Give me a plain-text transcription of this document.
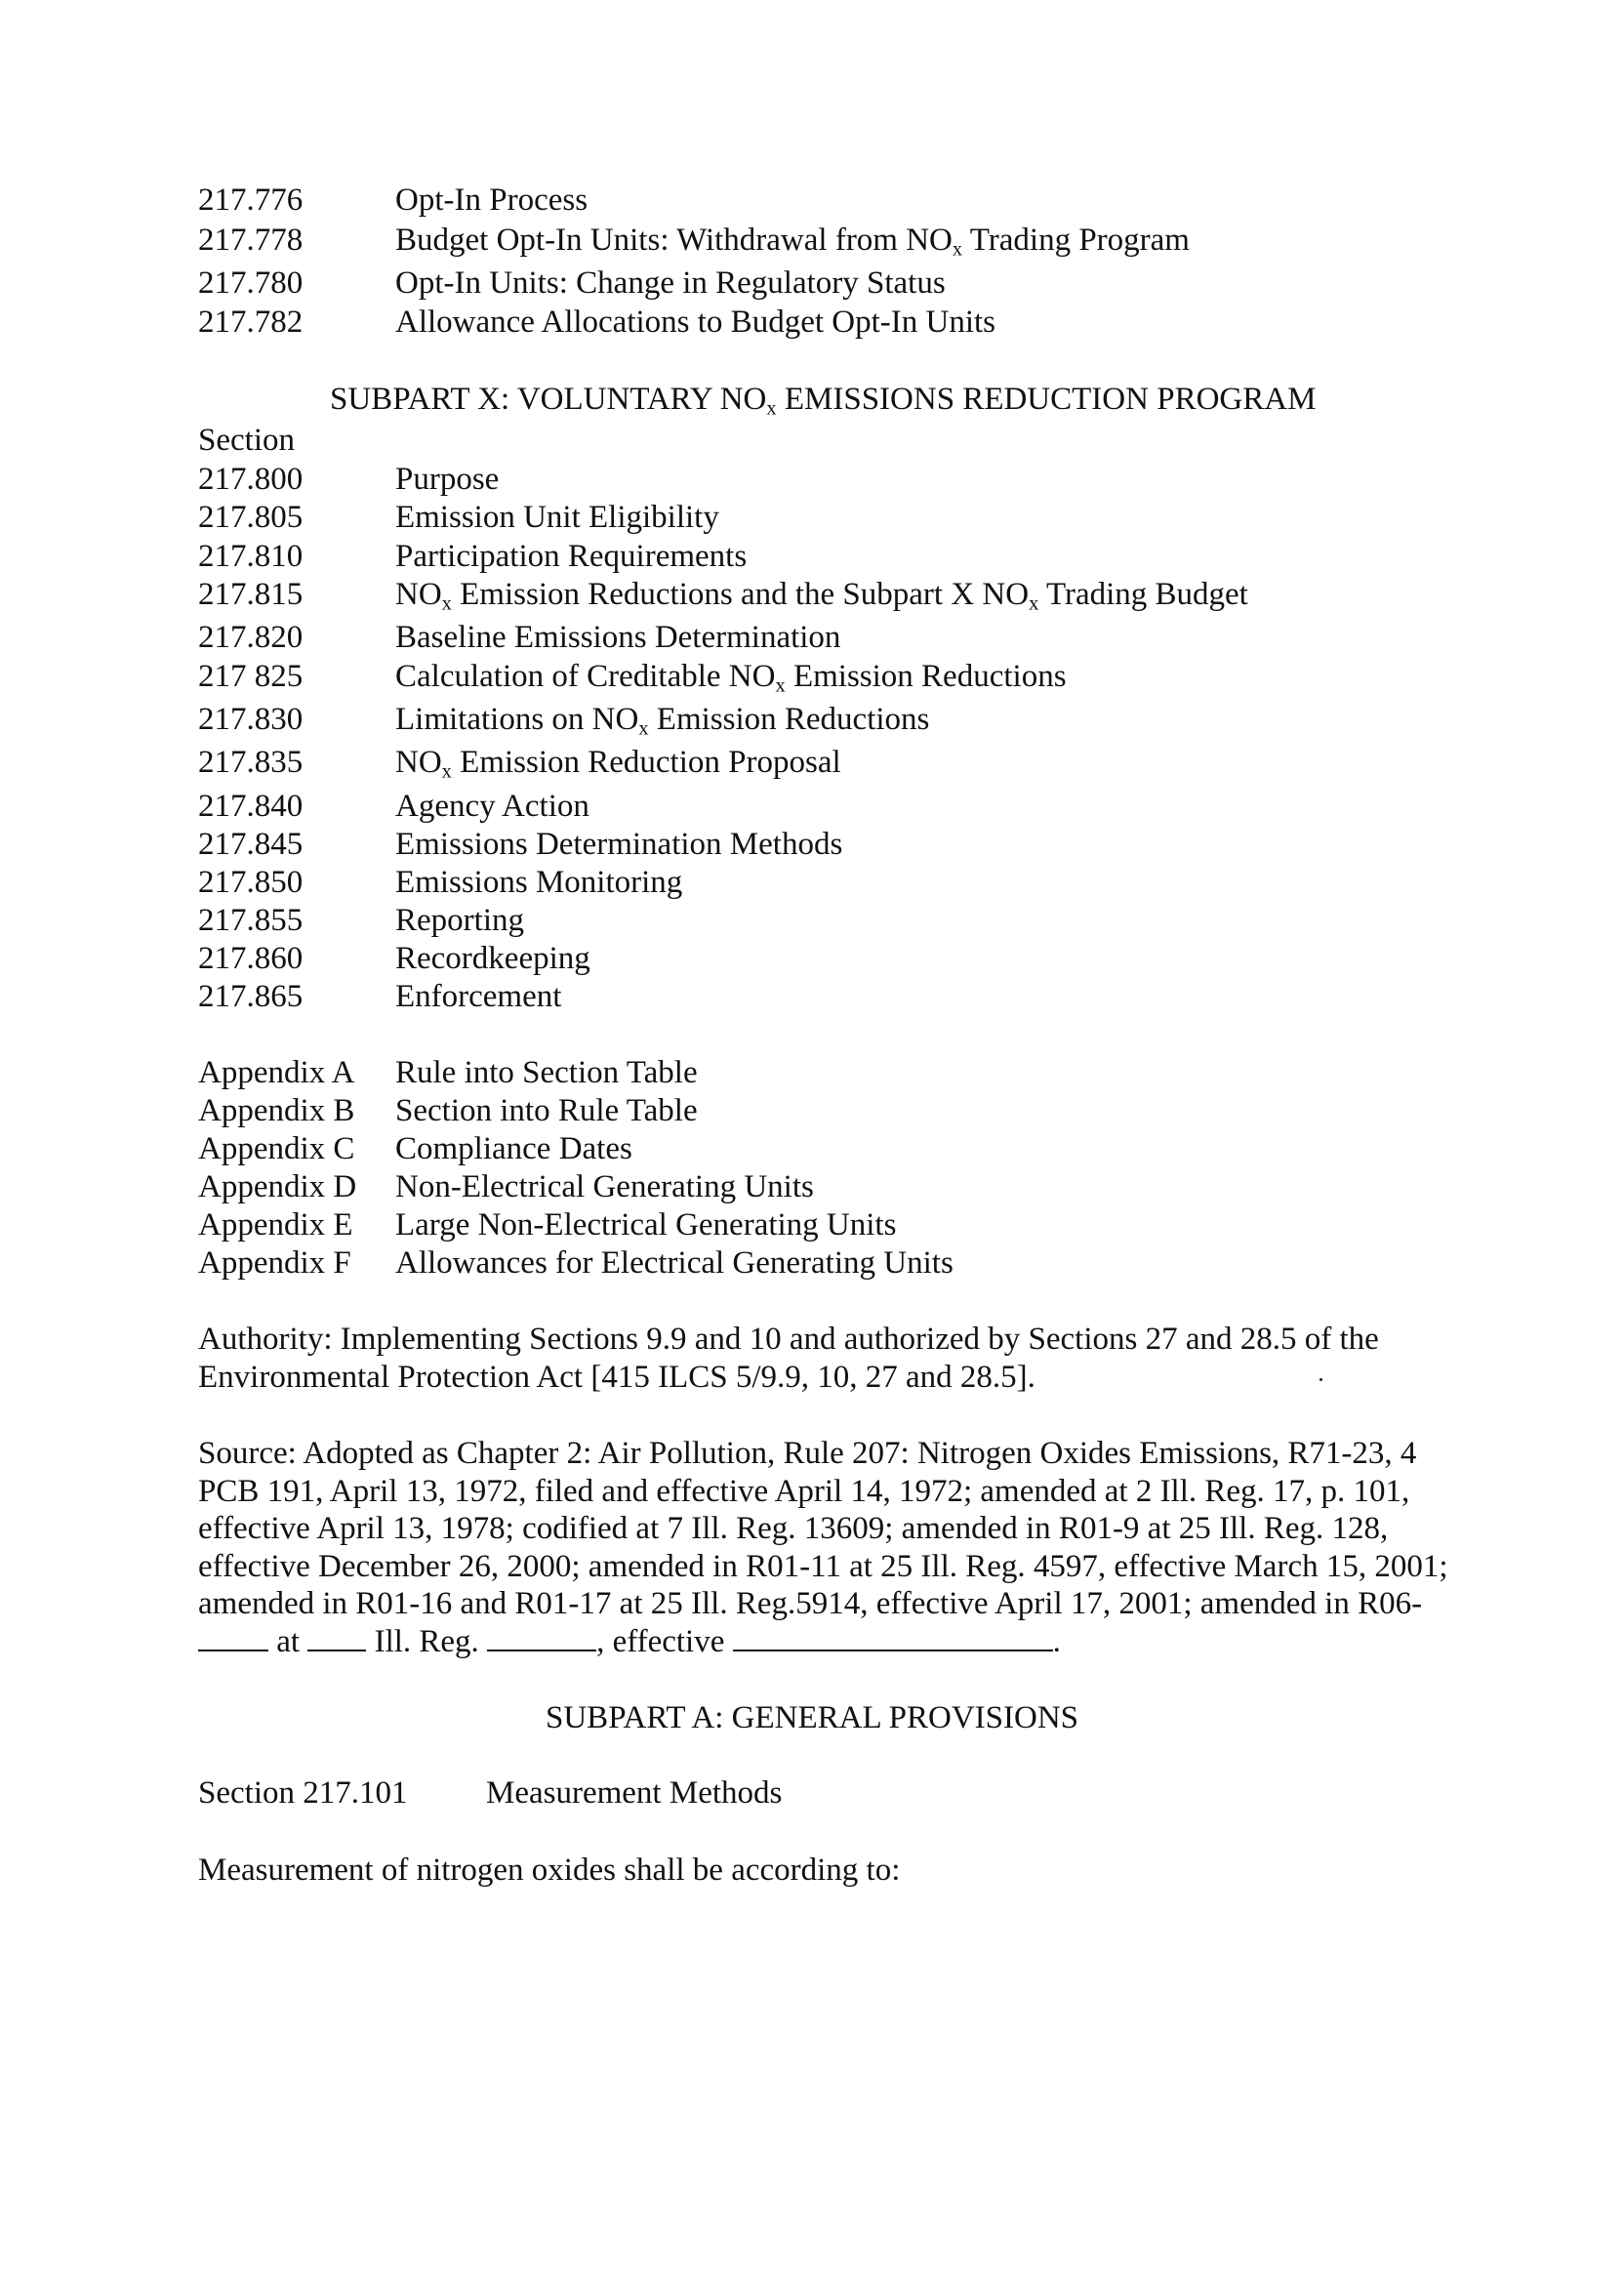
217.776	Opt-In Process
217.778	Budget Opt-In Units: Withdrawal from $NO_x$ Trading Program
217.780	Opt-In Units: Change in Regulatory Status
217.782	Allowance Allocations to Budget Opt-In Units
SUBPART X: VOLUNTARY $NO_x$ EMISSIONS REDUCTION PROGRAM
Section
217.800	Purpose
217.805	Emission Unit Eligibility
217.810	Participation Requirements
217.815	$NO_x$ Emission Reductions and the Subpart X $NO_x$ Trading Budget
217.820	Baseline Emissions Determination
217 825	Calculation of Creditable $NO_x$ Emission Reductions
217.830	Limitations on $NO_x$ Emission Reductions
217.835	$NO_x$ Emission Reduction Proposal
217.840	Agency Action
217.845	Emissions Determination Methods
217.850	Emissions Monitoring
217.855	Reporting
217.860	Recordkeeping
217.865	Enforcement
Appendix A Rule into Section Table
Appendix B Section into Rule Table
Appendix C Compliance Dates
Appendix D Non-Electrical Generating Units
Appendix E Large Non-Electrical Generating Units
Appendix F Allowances for Electrical Generating Units
Authority: Implementing Sections 9.9 and 10 and authorized by Sections 27 and 28.5 of the
Environmental Protection Act [415 ILCS 5/9.9, 10, 27 and 28.5].
Source: Adopted as Chapter 2: Air Pollution, Rule 207: Nitrogen Oxides Emissions, R71-23, 4
PCB 191, April 13, 1972, filed and effective April 14, 1972; amended at 2 Ill. Reg. 17, p. 101,
effective April 13, 1978; codified at 7 Ill. Reg. 13609; amended in R01-9 at 25 Ill. Reg. 128,
effective December 26, 2000; amended in R01-11 at 25 Ill. Reg. 4597, effective March 15, 2001;
amended in R01-16 and R01-17 at 25 Ill. Reg.5914, effective April 17, 2001; amended in R06-
at  Ill. Reg.	, effective	.
SUBPART A: GENERAL PROVISIONS
Section 217.101 Measurement Methods
Measurement of nitrogen oxides shall be according to:
